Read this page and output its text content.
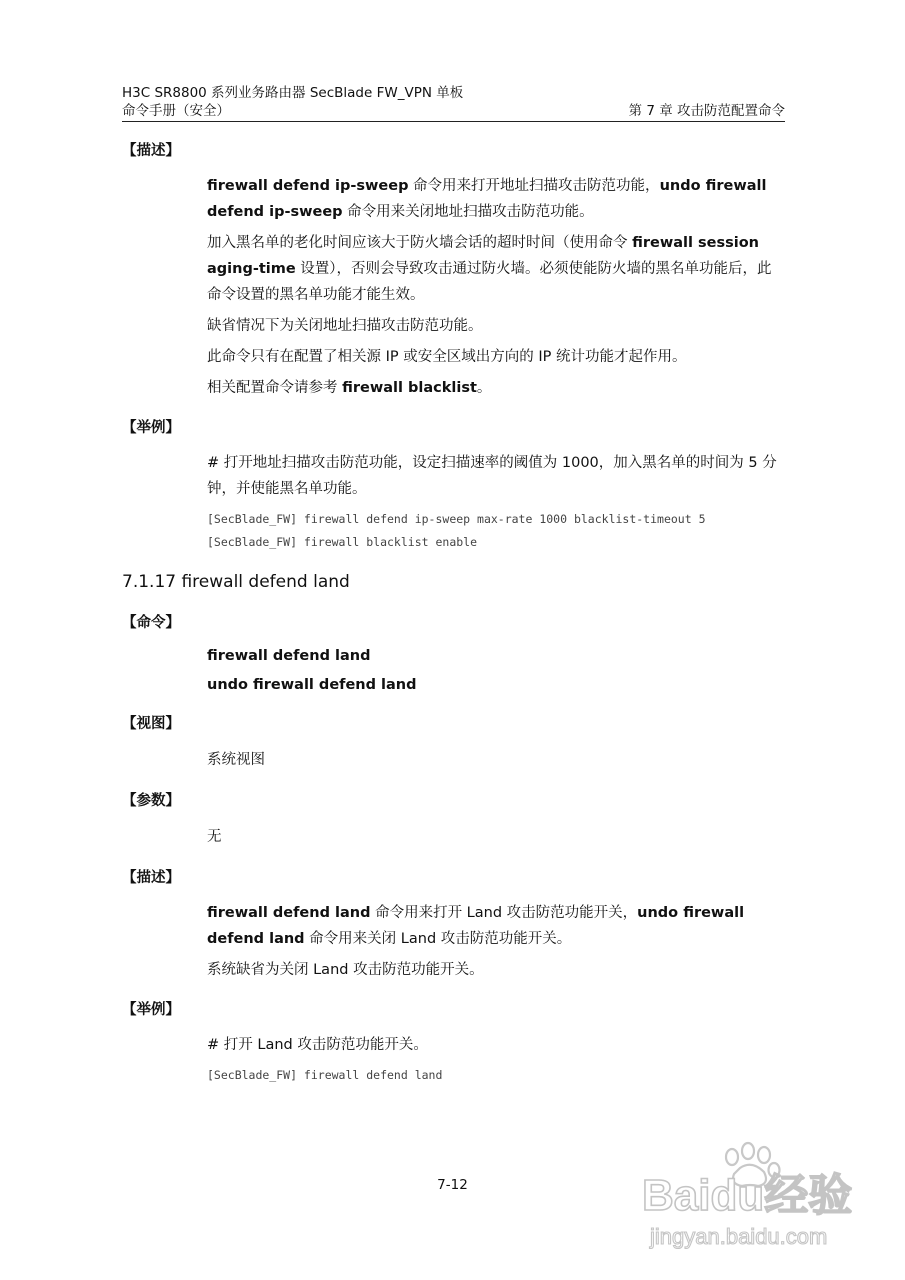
H3C SR8800 系列业务路由器 SecBlade FW_VPN 单板
命令手册（安全）	第 7 章 攻击防范配置命令
【描述】

firewall defend ip-sweep 命令用来打开地址扫描攻击防范功能，undo firewall defend ip-sweep 命令用来关闭地址扫描攻击防范功能。

加入黑名单的老化时间应该大于防火墙会话的超时时间（使用命令 firewall session aging-time 设置），否则会导致攻击通过防火墙。必须使能防火墙的黑名单功能后，此命令设置的黑名单功能才能生效。

缺省情况下为关闭地址扫描攻击防范功能。

此命令只有在配置了相关源 IP 或安全区域出方向的 IP 统计功能才起作用。

相关配置命令请参考 firewall blacklist。

【举例】

# 打开地址扫描攻击防范功能，设定扫描速率的阈值为 1000，加入黑名单的时间为 5 分钟，并使能黑名单功能。

[SecBlade_FW] firewall defend ip-sweep max-rate 1000 blacklist-timeout 5
[SecBlade_FW] firewall blacklist enable
7.1.17 firewall defend land
【命令】

firewall defend land

undo firewall defend land

【视图】

系统视图

【参数】

无

【描述】

firewall defend land 命令用来打开 Land 攻击防范功能开关，undo firewall defend land 命令用来关闭 Land 攻击防范功能开关。

系统缺省为关闭 Land 攻击防范功能开关。

【举例】

# 打开 Land 攻击防范功能开关。

[SecBlade_FW] firewall defend land
7-12	Baidu经验
jingyan.baidu.com
